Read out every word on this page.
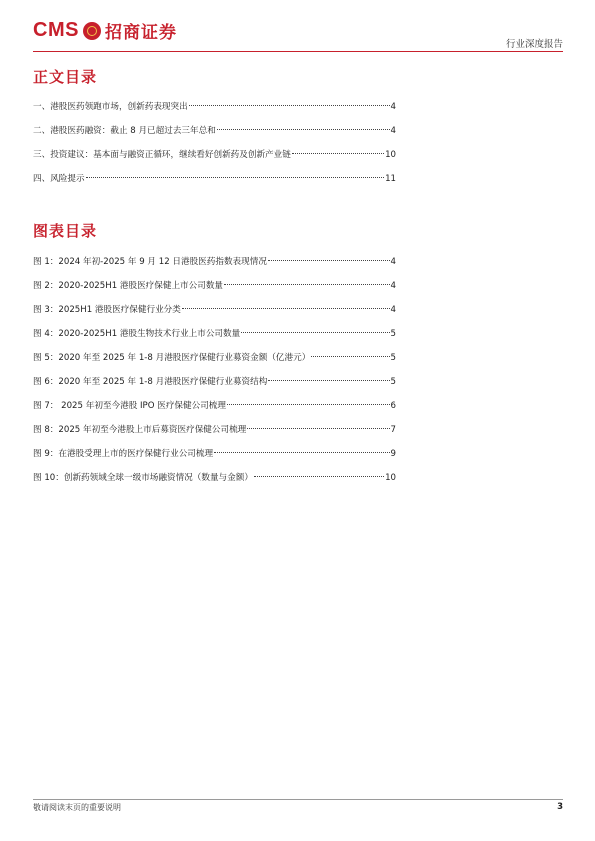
CMS 招商证券
行业深度报告
正文目录
一、港股医药领跑市场，创新药表现突出	4
二、港股医药融资：截止 8 月已超过去三年总和	4
三、投资建议：基本面与融资正循环，继续看好创新药及创新产业链	10
四、风险提示	11
图表目录
图 1：2024 年初-2025 年 9 月 12 日港股医药指数表现情况	4
图 2：2020-2025H1 港股医疗保健上市公司数量	4
图 3：2025H1 港股医疗保健行业分类	4
图 4：2020-2025H1 港股生物技术行业上市公司数量	5
图 5：2020 年至 2025 年 1-8 月港股医疗保健行业募资金额（亿港元）	5
图 6：2020 年至 2025 年 1-8 月港股医疗保健行业募资结构	5
图 7： 2025 年初至今港股 IPO 医疗保健公司梳理	6
图 8：2025 年初至今港股上市后募资医疗保健公司梳理	7
图 9：在港股受理上市的医疗保健行业公司梳理	9
图 10：创新药领域全球一级市场融资情况（数量与金额）	10
敬请阅读末页的重要说明	3
